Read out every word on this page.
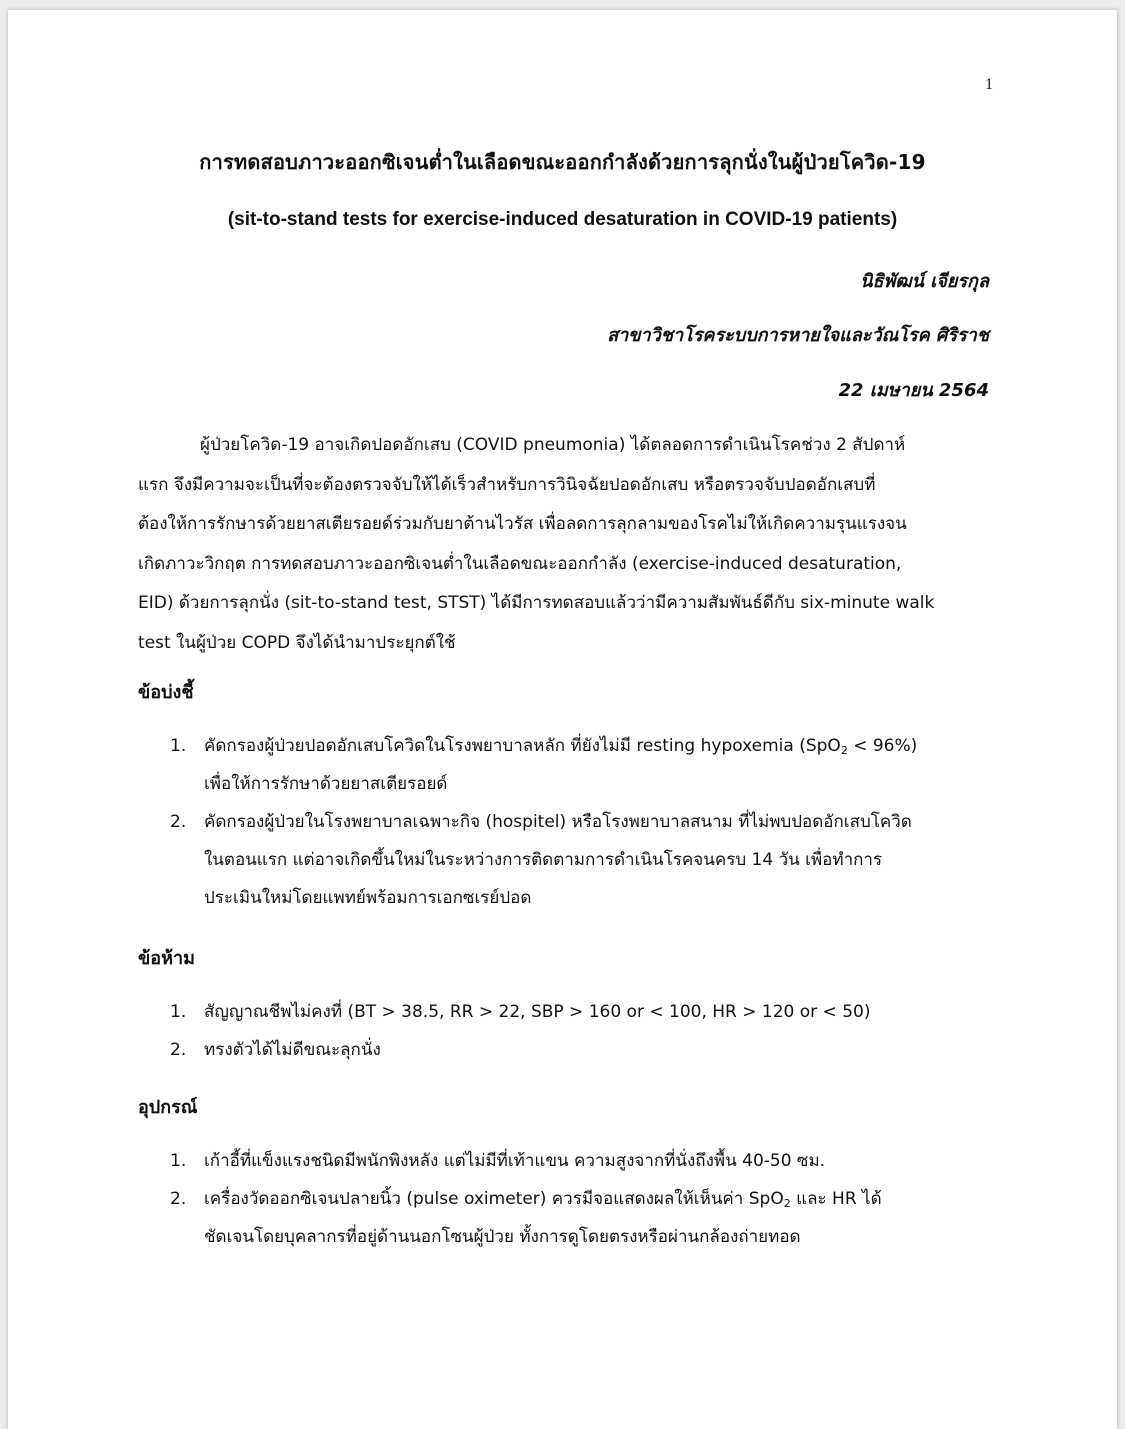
1
การทดสอบภาวะออกซิเจนต่ำในเลือดขณะออกกำลังด้วยการลุกนั่งในผู้ป่วยโควิด-19
(sit-to-stand tests for exercise-induced desaturation in COVID-19 patients)
นิธิพัฒน์ เจียรกุล
สาขาวิชาโรคระบบการหายใจและวัณโรค ศิริราช
22 เมษายน 2564
ผู้ป่วยโควิด-19 อาจเกิดปอดอักเสบ (COVID pneumonia) ได้ตลอดการดำเนินโรคช่วง 2 สัปดาห์
แรก จึงมีความจะเป็นที่จะต้องตรวจจับให้ได้เร็วสำหรับการวินิจฉัยปอดอักเสบ หรือตรวจจับปอดอักเสบที่
ต้องให้การรักษารด้วยยาสเตียรอยด์ร่วมกับยาต้านไวรัส เพื่อลดการลุกลามของโรคไม่ให้เกิดความรุนแรงจน
เกิดภาวะวิกฤต การทดสอบภาวะออกซิเจนต่ำในเลือดขณะออกกำลัง (exercise-induced desaturation,
EID) ด้วยการลุกนั่ง (sit-to-stand test, STST) ได้มีการทดสอบแล้วว่ามีความสัมพันธ์ดีกับ six-minute walk
test ในผู้ป่วย COPD จึงได้นำมาประยุกต์ใช้
ข้อบ่งชี้
1.	คัดกรองผู้ป่วยปอดอักเสบโควิดในโรงพยาบาลหลัก ที่ยังไม่มี resting hypoxemia (SpO$_2$ < 96%)
เพื่อให้การรักษาด้วยยาสเตียรอยด์
2.	คัดกรองผู้ป่วยในโรงพยาบาลเฉพาะกิจ (hospitel) หรือโรงพยาบาลสนาม ที่ไม่พบปอดอักเสบโควิด
ในตอนแรก แต่อาจเกิดขึ้นใหม่ในระหว่างการติดตามการดำเนินโรคจนครบ 14 วัน เพื่อทำการ
ประเมินใหม่โดยแพทย์พร้อมการเอกซเรย์ปอด
ข้อห้าม
1.	สัญญาณชีพไม่คงที่ (BT > 38.5, RR > 22, SBP > 160 or < 100, HR > 120 or < 50)
2.	ทรงตัวได้ไม่ดีขณะลุกนั่ง
อุปกรณ์
1.	เก้าอี้ที่แข็งแรงชนิดมีพนักพิงหลัง แต่ไม่มีที่เท้าแขน ความสูงจากที่นั่งถึงพื้น 40-50 ซม.
2.	เครื่องวัดออกซิเจนปลายนิ้ว (pulse oximeter) ควรมีจอแสดงผลให้เห็นค่า SpO$_2$ และ HR ได้
ชัดเจนโดยบุคลากรที่อยู่ด้านนอกโซนผู้ป่วย ทั้งการดูโดยตรงหรือผ่านกล้องถ่ายทอด
